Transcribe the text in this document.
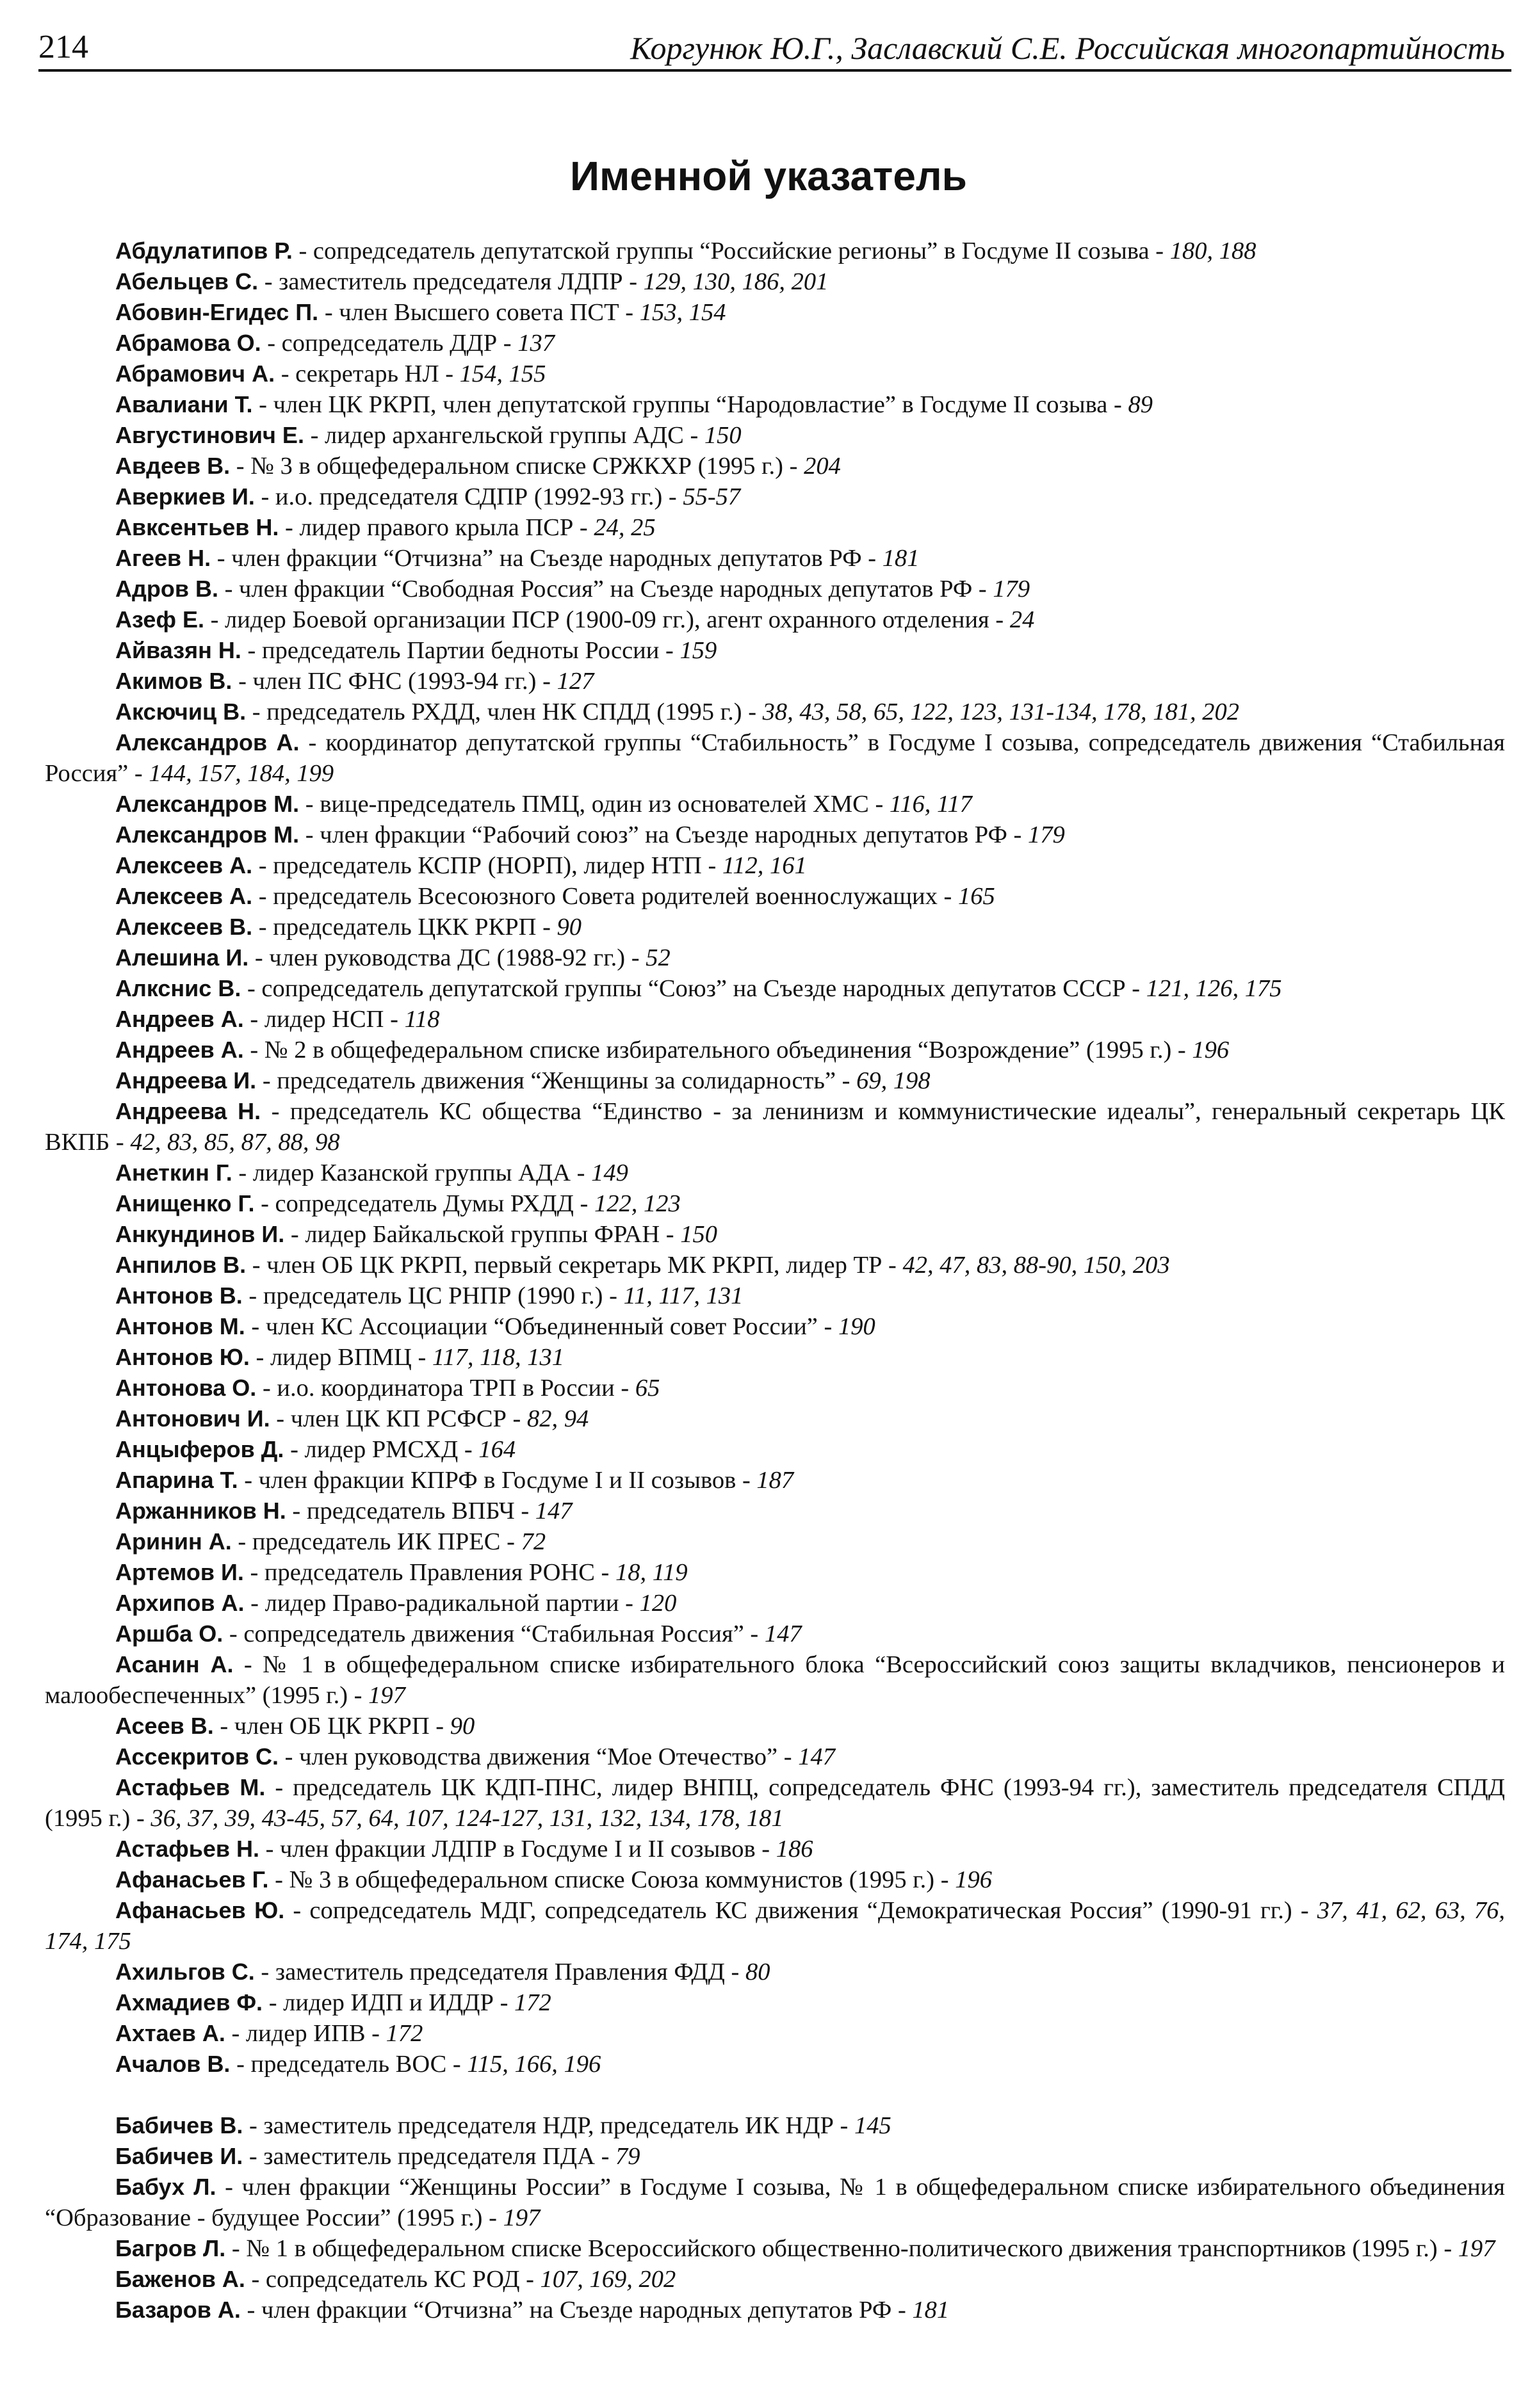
214	Коргунюк Ю.Г., Заславский С.Е. Российская многопартийность
Именной указатель
Абдулатипов Р. - сопредседатель депутатской группы “Российские регионы” в Госдуме II созыва - 180, 188
Абельцев С. - заместитель председателя ЛДПР - 129, 130, 186, 201
Абовин-Егидес П. - член Высшего совета ПСТ - 153, 154
Абрамова О. - сопредседатель ДДР - 137
Абрамович А. - секретарь НЛ - 154, 155
Авалиани Т. - член ЦК РКРП, член депутатской группы “Народовластие” в Госдуме II созыва - 89
Августинович Е. - лидер архангельской группы АДС - 150
Авдеев В. - № 3 в общефедеральном списке СРЖКХР (1995 г.) - 204
Аверкиев И. - и.о. председателя СДПР (1992-93 гг.) - 55-57
Авксентьев Н. - лидер правого крыла ПСР - 24, 25
Агеев Н. - член фракции “Отчизна” на Съезде народных депутатов РФ - 181
Адров В. - член фракции “Свободная Россия” на Съезде народных депутатов РФ - 179
Азеф Е. - лидер Боевой организации ПСР (1900-09 гг.), агент охранного отделения - 24
Айвазян Н. - председатель Партии бедноты России - 159
Акимов В. - член ПС ФНС (1993-94 гг.) - 127
Аксючиц В. - председатель РХДД, член НК СПДД (1995 г.) - 38, 43, 58, 65, 122, 123, 131-134, 178, 181, 202
Александров А. - координатор депутатской группы “Стабильность” в Госдуме I созыва, сопредседатель движения “Стабильная Россия” - 144, 157, 184, 199
Александров М. - вице-председатель ПМЦ, один из основателей ХМС - 116, 117
Александров М. - член фракции “Рабочий союз” на Съезде народных депутатов РФ - 179
Алексеев А. - председатель КСПР (НОРП), лидер НТП - 112, 161
Алексеев А. - председатель Всесоюзного Совета родителей военнослужащих - 165
Алексеев В. - председатель ЦКК РКРП - 90
Алешина И. - член руководства ДС (1988-92 гг.) - 52
Алкснис В. - сопредседатель депутатской группы “Союз” на Съезде народных депутатов СССР - 121, 126, 175
Андреев А. - лидер НСП - 118
Андреев А. - № 2 в общефедеральном списке избирательного объединения “Возрождение” (1995 г.) - 196
Андреева И. - председатель движения “Женщины за солидарность” - 69, 198
Андреева Н. - председатель КС общества “Единство - за ленинизм и коммунистические идеалы”, генеральный секретарь ЦК ВКПБ - 42, 83, 85, 87, 88, 98
Анеткин Г. - лидер Казанской группы АДА - 149
Анищенко Г. - сопредседатель Думы РХДД - 122, 123
Анкундинов И. - лидер Байкальской группы ФРАН - 150
Анпилов В. - член ОБ ЦК РКРП, первый секретарь МК РКРП, лидер ТР - 42, 47, 83, 88-90, 150, 203
Антонов В. - председатель ЦС РНПР (1990 г.) - 11, 117, 131
Антонов М. - член КС Ассоциации “Объединенный совет России” - 190
Антонов Ю. - лидер ВПМЦ - 117, 118, 131
Антонова О. - и.о. координатора ТРП в России - 65
Антонович И. - член ЦК КП РСФСР - 82, 94
Анцыферов Д. - лидер РМСХД - 164
Апарина Т. - член фракции КПРФ в Госдуме I и II созывов - 187
Аржанников Н. - председатель ВПБЧ - 147
Аринин А. - председатель ИК ПРЕС - 72
Артемов И. - председатель Правления РОНС - 18, 119
Архипов А. - лидер Право-радикальной партии - 120
Аршба О. - сопредседатель движения “Стабильная Россия” - 147
Асанин А. - № 1 в общефедеральном списке избирательного блока “Всероссийский союз защиты вкладчиков, пенсионеров и малообеспеченных” (1995 г.) - 197
Асеев В. - член ОБ ЦК РКРП - 90
Ассекритов С. - член руководства движения “Мое Отечество” - 147
Астафьев М. - председатель ЦК КДП-ПНС, лидер ВНПЦ, сопредседатель ФНС (1993-94 гг.), заместитель председателя СПДД (1995 г.) - 36, 37, 39, 43-45, 57, 64, 107, 124-127, 131, 132, 134, 178, 181
Астафьев Н. - член фракции ЛДПР в Госдуме I и II созывов - 186
Афанасьев Г. - № 3 в общефедеральном списке Союза коммунистов (1995 г.) - 196
Афанасьев Ю. - сопредседатель МДГ, сопредседатель КС движения “Демократическая Россия” (1990-91 гг.) - 37, 41, 62, 63, 76, 174, 175
Ахильгов С. - заместитель председателя Правления ФДД - 80
Ахмадиев Ф. - лидер ИДП и ИДДР - 172
Ахтаев А. - лидер ИПВ - 172
Ачалов В. - председатель ВОС - 115, 166, 196
Бабичев В. - заместитель председателя НДР, председатель ИК НДР - 145
Бабичев И. - заместитель председателя ПДА - 79
Бабух Л. - член фракции “Женщины России” в Госдуме I созыва, № 1 в общефедеральном списке избирательного объединения “Образование - будущее России” (1995 г.) - 197
Багров Л. - № 1 в общефедеральном списке Всероссийского общественно-политического движения транспортников (1995 г.) - 197
Баженов А. - сопредседатель КС РОД - 107, 169, 202
Базаров А. - член фракции “Отчизна” на Съезде народных депутатов РФ - 181
